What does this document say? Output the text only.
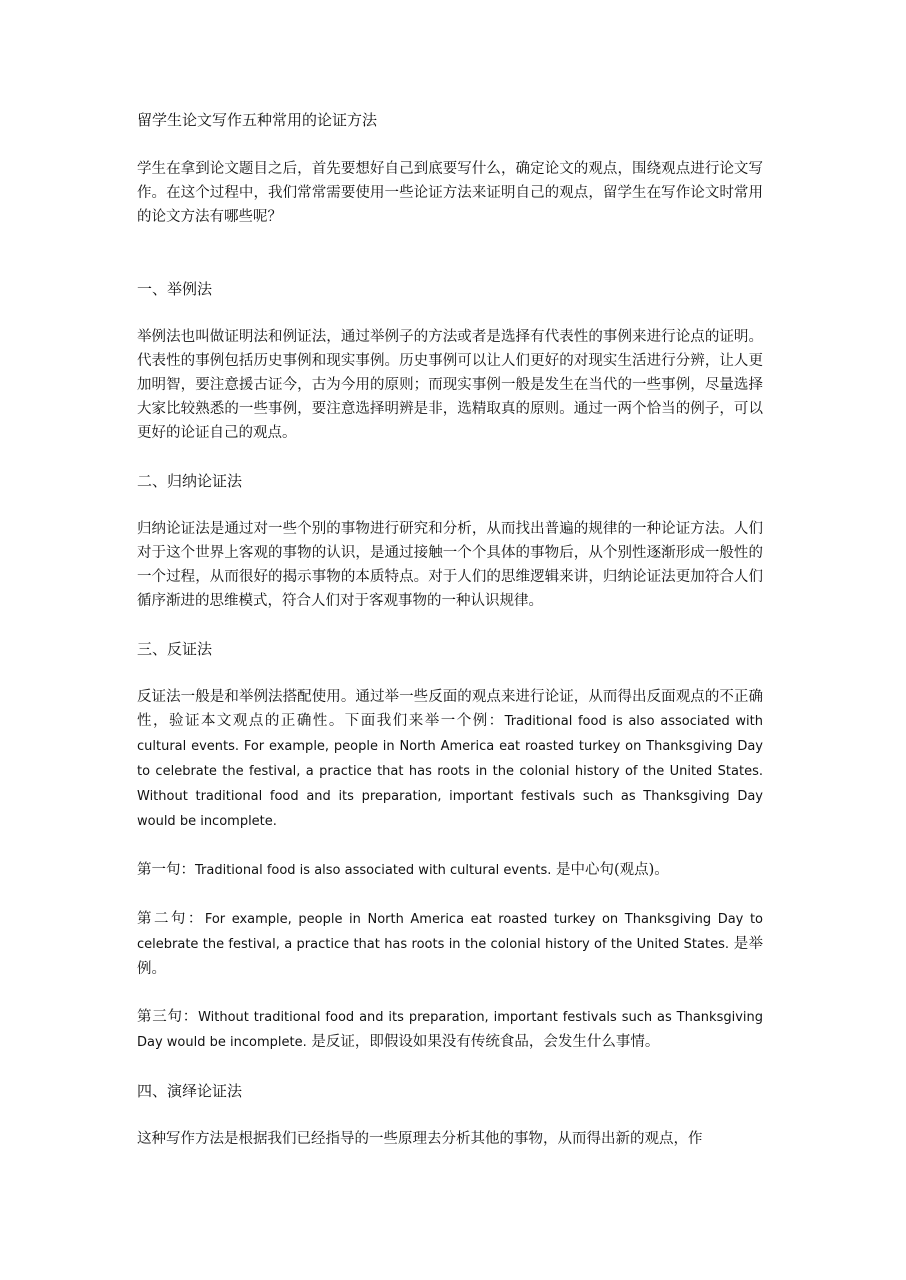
留学生论文写作五种常用的论证方法

学生在拿到论文题目之后，首先要想好自己到底要写什么，确定论文的观点，围绕观点进行论文写作。在这个过程中，我们常常需要使用一些论证方法来证明自己的观点，留学生在写作论文时常用的论文方法有哪些呢？

一、举例法

举例法也叫做证明法和例证法，通过举例子的方法或者是选择有代表性的事例来进行论点的证明。代表性的事例包括历史事例和现实事例。历史事例可以让人们更好的对现实生活进行分辨，让人更加明智，要注意援古证今，古为今用的原则；而现实事例一般是发生在当代的一些事例，尽量选择大家比较熟悉的一些事例，要注意选择明辨是非，选精取真的原则。通过一两个恰当的例子，可以更好的论证自己的观点。

二、归纳论证法

归纳论证法是通过对一些个别的事物进行研究和分析，从而找出普遍的规律的一种论证方法。人们对于这个世界上客观的事物的认识，是通过接触一个个具体的事物后，从个别性逐渐形成一般性的一个过程，从而很好的揭示事物的本质特点。对于人们的思维逻辑来讲，归纳论证法更加符合人们循序渐进的思维模式，符合人们对于客观事物的一种认识规律。

三、反证法

反证法一般是和举例法搭配使用。通过举一些反面的观点来进行论证，从而得出反面观点的不正确性，验证本文观点的正确性。下面我们来举一个例：Traditional food is also associated with cultural events. For example, people in North America eat roasted turkey on Thanksgiving Day to celebrate the festival, a practice that has roots in the colonial history of the United States. Without traditional food and its preparation, important festivals such as Thanksgiving Day would be incomplete.

第一句：Traditional food is also associated with cultural events. 是中心句(观点)。

第二句：For example, people in North America eat roasted turkey on Thanksgiving Day to celebrate the festival, a practice that has roots in the colonial history of the United States. 是举例。

第三句：Without traditional food and its preparation, important festivals such as Thanksgiving Day would be incomplete. 是反证，即假设如果没有传统食品，会发生什么事情。

四、演绎论证法

这种写作方法是根据我们已经指导的一些原理去分析其他的事物，从而得出新的观点，作
